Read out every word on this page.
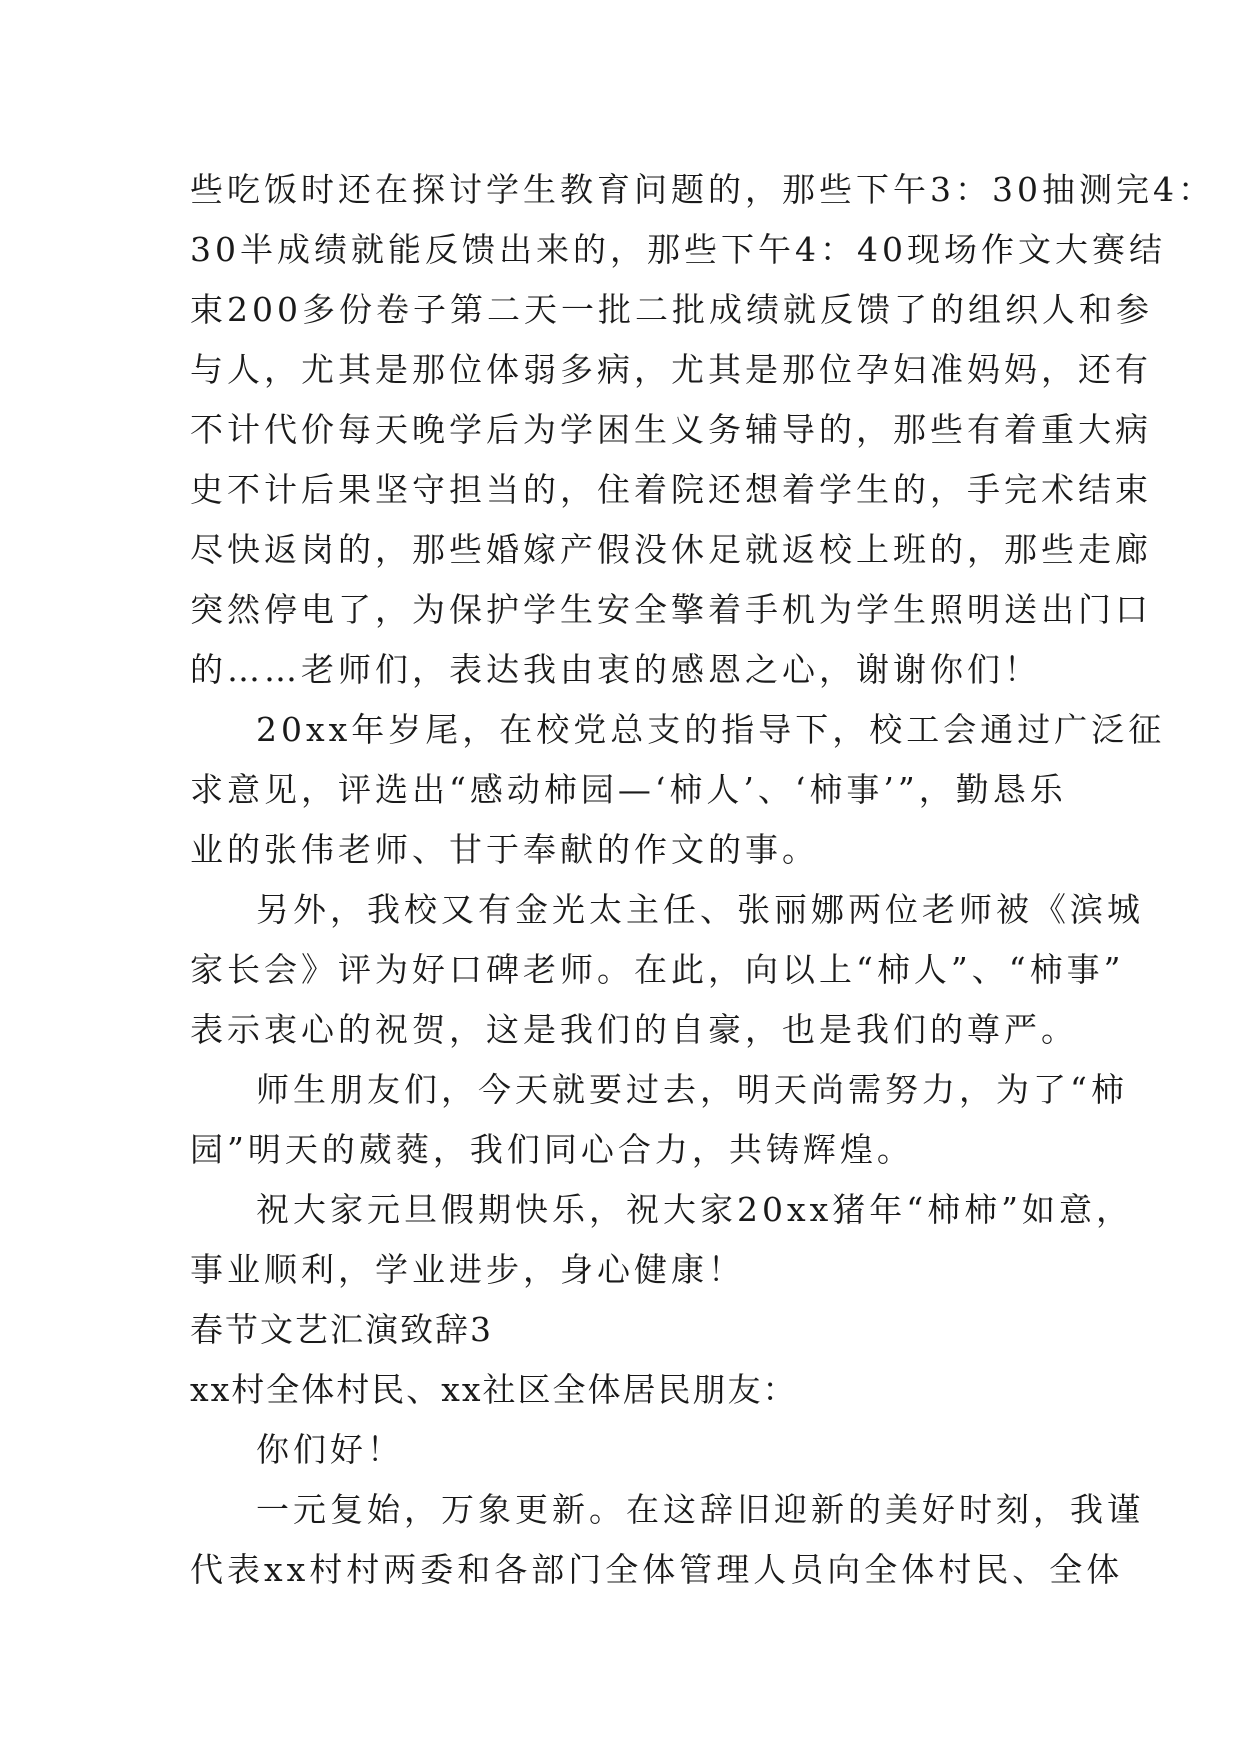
些吃饭时还在探讨学生教育问题的，那些下午3：30抽测完4：
30半成绩就能反馈出来的，那些下午4：40现场作文大赛结
束200多份卷子第二天一批二批成绩就反馈了的组织人和参
与人，尤其是那位体弱多病，尤其是那位孕妇准妈妈，还有
不计代价每天晚学后为学困生义务辅导的，那些有着重大病
史不计后果坚守担当的，住着院还想着学生的，手完术结束
尽快返岗的，那些婚嫁产假没休足就返校上班的，那些走廊
突然停电了，为保护学生安全擎着手机为学生照明送出门口
的……老师们，表达我由衷的感恩之心，谢谢你们！
20xx年岁尾，在校党总支的指导下，校工会通过广泛征
求意见，评选出“感动柿园—‘柿人’、‘柿事’”，勤恳乐
业的张伟老师、甘于奉献的作文的事。
另外，我校又有金光太主任、张丽娜两位老师被《滨城
家长会》评为好口碑老师。在此，向以上“柿人”、“柿事”
表示衷心的祝贺，这是我们的自豪，也是我们的尊严。
师生朋友们，今天就要过去，明天尚需努力，为了“柿
园”明天的葳蕤，我们同心合力，共铸辉煌。
祝大家元旦假期快乐，祝大家20xx猪年“柿柿”如意，
事业顺利，学业进步，身心健康！
春节文艺汇演致辞3
xx村全体村民、xx社区全体居民朋友：
你们好！
一元复始，万象更新。在这辞旧迎新的美好时刻，我谨
代表xx村村两委和各部门全体管理人员向全体村民、全体
